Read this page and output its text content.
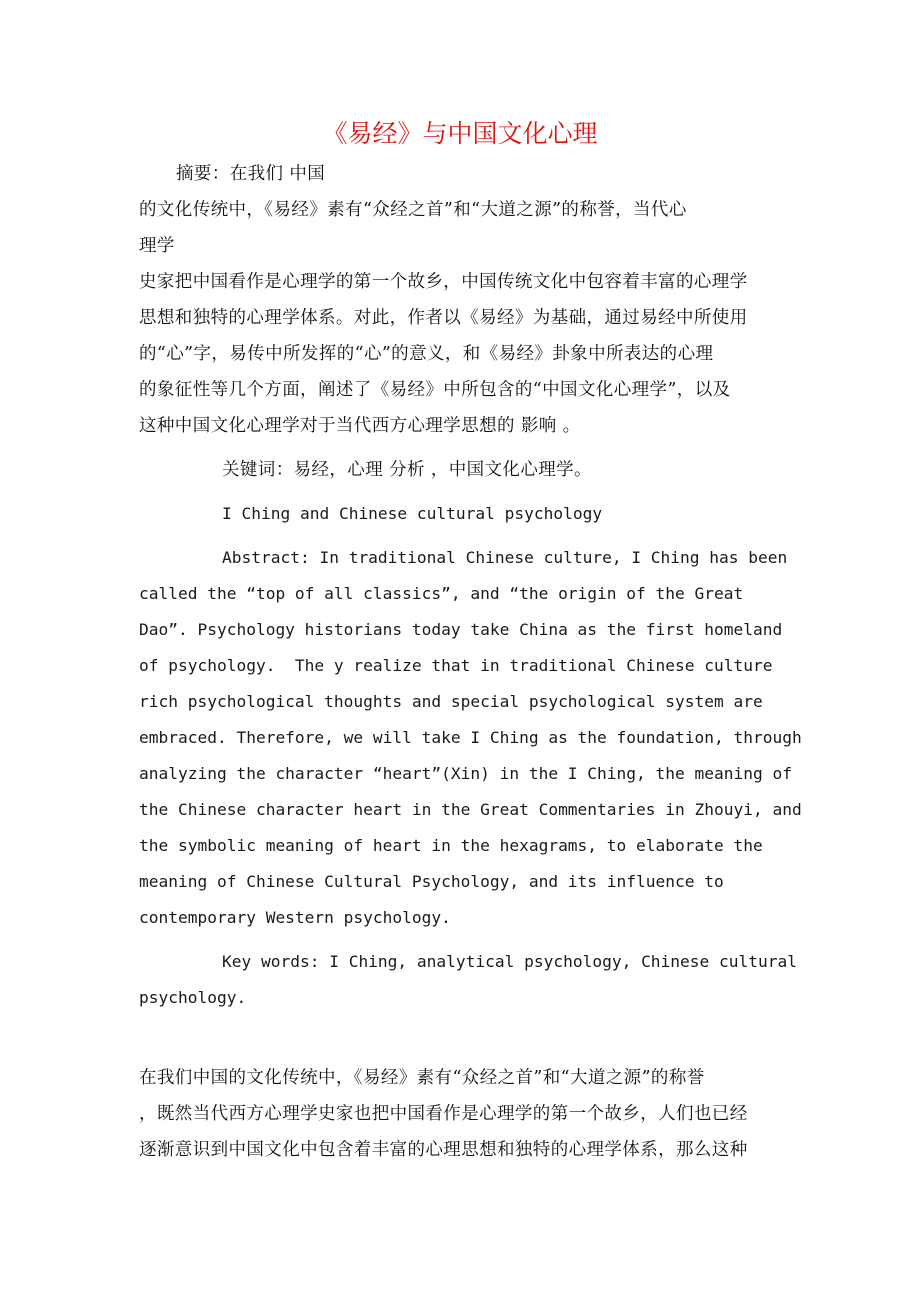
《易经》与中国文化心理
摘要：在我们 中国
的文化传统中，《易经》素有“众经之首”和“大道之源”的称誉，当代心
理学
史家把中国看作是心理学的第一个故乡，中国传统文化中包容着丰富的心理学
思想和独特的心理学体系。对此，作者以《易经》为基础，通过易经中所使用
的“心”字，易传中所发挥的“心”的意义，和《易经》卦象中所表达的心理
的象征性等几个方面，阐述了《易经》中所包含的“中国文化心理学”，以及
这种中国文化心理学对于当代西方心理学思想的 影响 。
关键词：易经，心理 分析 ，中国文化心理学。
I Ching and Chinese cultural psychology
Abstract: In traditional Chinese culture, I Ching has been
called the “top of all classics”, and “the origin of the Great
Dao”. Psychology historians today take China as the first homeland
of psychology.  The y realize that in traditional Chinese culture
rich psychological thoughts and special psychological system are
embraced. Therefore, we will take I Ching as the foundation, through
analyzing the character “heart”(Xin) in the I Ching, the meaning of
the Chinese character heart in the Great Commentaries in Zhouyi, and
the symbolic meaning of heart in the hexagrams, to elaborate the
meaning of Chinese Cultural Psychology, and its influence to
contemporary Western psychology.
Key words: I Ching, analytical psychology, Chinese cultural
psychology.
在我们中国的文化传统中，《易经》素有“众经之首”和“大道之源”的称誉
，既然当代西方心理学史家也把中国看作是心理学的第一个故乡，人们也已经
逐渐意识到中国文化中包含着丰富的心理思想和独特的心理学体系，那么这种
